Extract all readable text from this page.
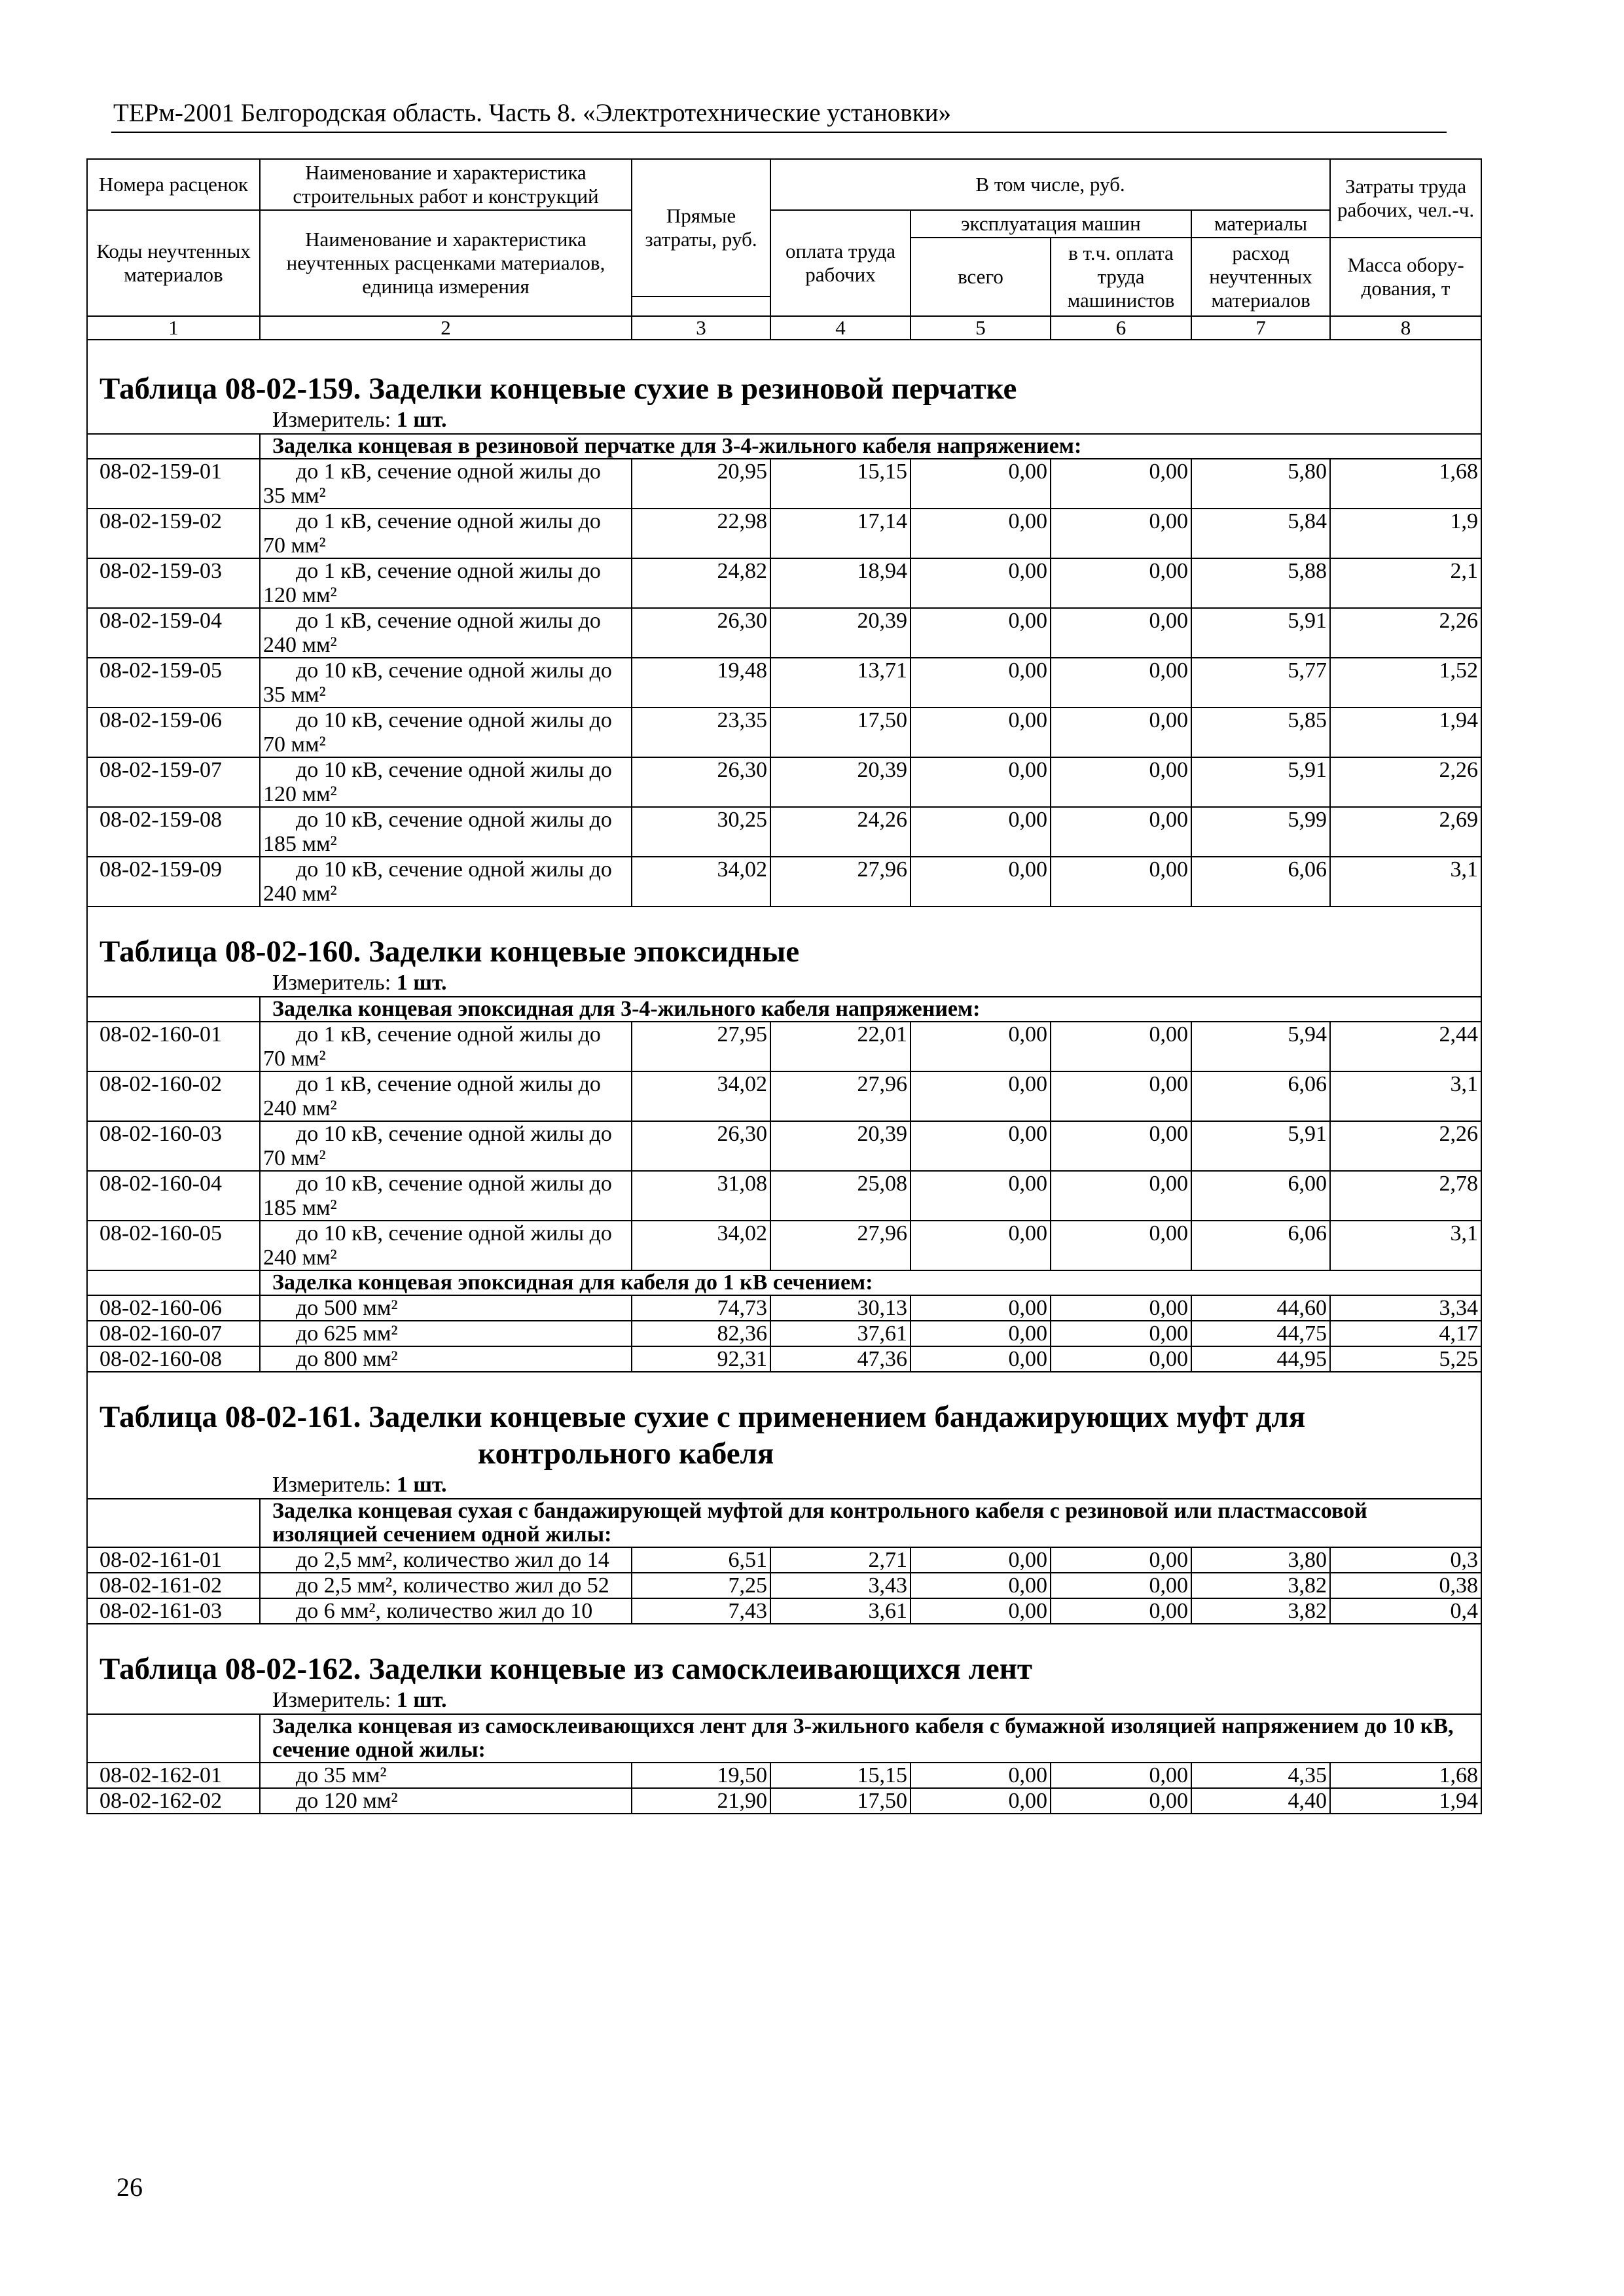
ТЕРм-2001 Белгородская область. Часть 8. «Электротехнические установки»
Номера расценок	Наименование и характеристика строительных работ и конструкций	Прямые затраты, руб.	В том числе, руб.				Затраты труда рабочих, чел.-ч.
Коды неучтенных материалов	Наименование и характеристика неучтенных расценками материалов, единица измерения		оплата труда рабочих	эксплуатация машин		материалы	
				всего	в т.ч. оплата труда машинистов	расход неучтенных материалов	Масса обору-дования, т

1	2	3	4	5	6	7	8

Таблица 08-02-159. Заделки концевые сухие в резиновой перчатке
Измеритель: 1 шт.							

	Заделка концевая в резиновой перчатке для 3-4-жильного кабеля напряжением:						
08-02-159-01	до 1 кВ, сечение одной жилы до 35 мм²	20,95	15,15	0,00	0,00	5,80	1,68
08-02-159-02	до 1 кВ, сечение одной жилы до 70 мм²	22,98	17,14	0,00	0,00	5,84	1,9
08-02-159-03	до 1 кВ, сечение одной жилы до 120 мм²	24,82	18,94	0,00	0,00	5,88	2,1
08-02-159-04	до 1 кВ, сечение одной жилы до 240 мм²	26,30	20,39	0,00	0,00	5,91	2,26
08-02-159-05	до 10 кВ, сечение одной жилы до 35 мм²	19,48	13,71	0,00	0,00	5,77	1,52
08-02-159-06	до 10 кВ, сечение одной жилы до 70 мм²	23,35	17,50	0,00	0,00	5,85	1,94
08-02-159-07	до 10 кВ, сечение одной жилы до 120 мм²	26,30	20,39	0,00	0,00	5,91	2,26
08-02-159-08	до 10 кВ, сечение одной жилы до 185 мм²	30,25	24,26	0,00	0,00	5,99	2,69
08-02-159-09	до 10 кВ, сечение одной жилы до 240 мм²	34,02	27,96	0,00	0,00	6,06	3,1

Таблица 08-02-160. Заделки концевые эпоксидные
Измеритель: 1 шт.							

	Заделка концевая эпоксидная для 3-4-жильного кабеля напряжением:						
08-02-160-01	до 1 кВ, сечение одной жилы до 70 мм²	27,95	22,01	0,00	0,00	5,94	2,44
08-02-160-02	до 1 кВ, сечение одной жилы до 240 мм²	34,02	27,96	0,00	0,00	6,06	3,1
08-02-160-03	до 10 кВ, сечение одной жилы до 70 мм²	26,30	20,39	0,00	0,00	5,91	2,26
08-02-160-04	до 10 кВ, сечение одной жилы до 185 мм²	31,08	25,08	0,00	0,00	6,00	2,78
08-02-160-05	до 10 кВ, сечение одной жилы до 240 мм²	34,02	27,96	0,00	0,00	6,06	3,1
	Заделка концевая эпоксидная для кабеля до 1 кВ сечением:						
08-02-160-06	до 500 мм²	74,73	30,13	0,00	0,00	44,60	3,34
08-02-160-07	до 625 мм²	82,36	37,61	0,00	0,00	44,75	4,17
08-02-160-08	до 800 мм²	92,31	47,36	0,00	0,00	44,95	5,25

Таблица 08-02-161. Заделки концевые сухие с применением бандажирующих муфт для
контрольного кабеля
Измеритель: 1 шт.							

	Заделка концевая сухая с бандажирующей муфтой для контрольного кабеля с резиновой или пластмассовой изоляцией сечением одной жилы:						
08-02-161-01	до 2,5 мм², количество жил до 14	6,51	2,71	0,00	0,00	3,80	0,3
08-02-161-02	до 2,5 мм², количество жил до 52	7,25	3,43	0,00	0,00	3,82	0,38
08-02-161-03	до 6 мм², количество жил до 10	7,43	3,61	0,00	0,00	3,82	0,4

Таблица 08-02-162. Заделки концевые из самосклеивающихся лент
Измеритель: 1 шт.							

	Заделка концевая из самосклеивающихся лент для 3-жильного кабеля с бумажной изоляцией напряжением до 10 кВ, сечение одной жилы:						
08-02-162-01	до 35 мм²	19,50	15,15	0,00	0,00	4,35	1,68
08-02-162-02	до 120 мм²	21,90	17,50	0,00	0,00	4,40	1,94
26
